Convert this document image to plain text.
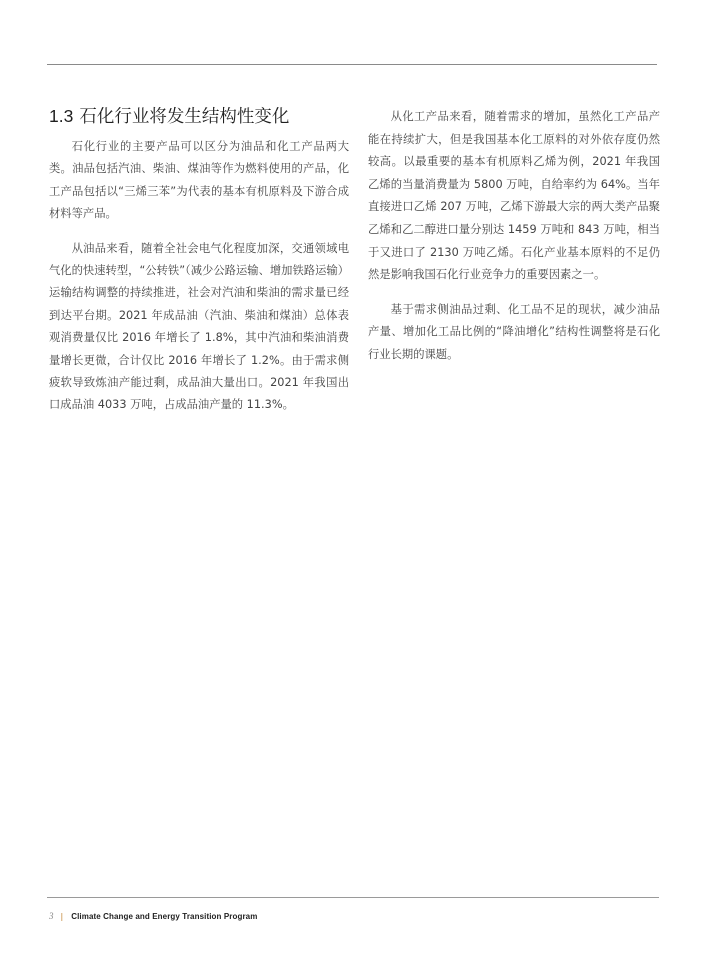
1.3 石化行业将发生结构性变化

石化行业的主要产品可以区分为油品和化工产品两大类。油品包括汽油、柴油、煤油等作为燃料使用的产品，化工产品包括以“三烯三苯”为代表的基本有机原料及下游合成材料等产品。

从油品来看，随着全社会电气化程度加深，交通领域电气化的快速转型，“公转铁”（减少公路运输、增加铁路运输）运输结构调整的持续推进，社会对汽油和柴油的需求量已经到达平台期。2021 年成品油（汽油、柴油和煤油）总体表观消费量仅比 2016 年增长了 1.8%，其中汽油和柴油消费量增长更微，合计仅比 2016 年增长了 1.2%。由于需求侧疲软导致炼油产能过剩，成品油大量出口。2021 年我国出口成品油 4033 万吨，占成品油产量的 11.3%。

从化工产品来看，随着需求的增加，虽然化工产品产能在持续扩大，但是我国基本化工原料的对外依存度仍然较高。以最重要的基本有机原料乙烯为例，2021 年我国乙烯的当量消费量为 5800 万吨，自给率约为 64%。当年直接进口乙烯 207 万吨，乙烯下游最大宗的两大类产品聚乙烯和乙二醇进口量分别达 1459 万吨和 843 万吨，相当于又进口了 2130 万吨乙烯。石化产业基本原料的不足仍然是影响我国石化行业竞争力的重要因素之一。

基于需求侧油品过剩、化工品不足的现状，减少油品产量、增加化工品比例的“降油增化”结构性调整将是石化行业长期的课题。

3 | Climate Change and Energy Transition Program
